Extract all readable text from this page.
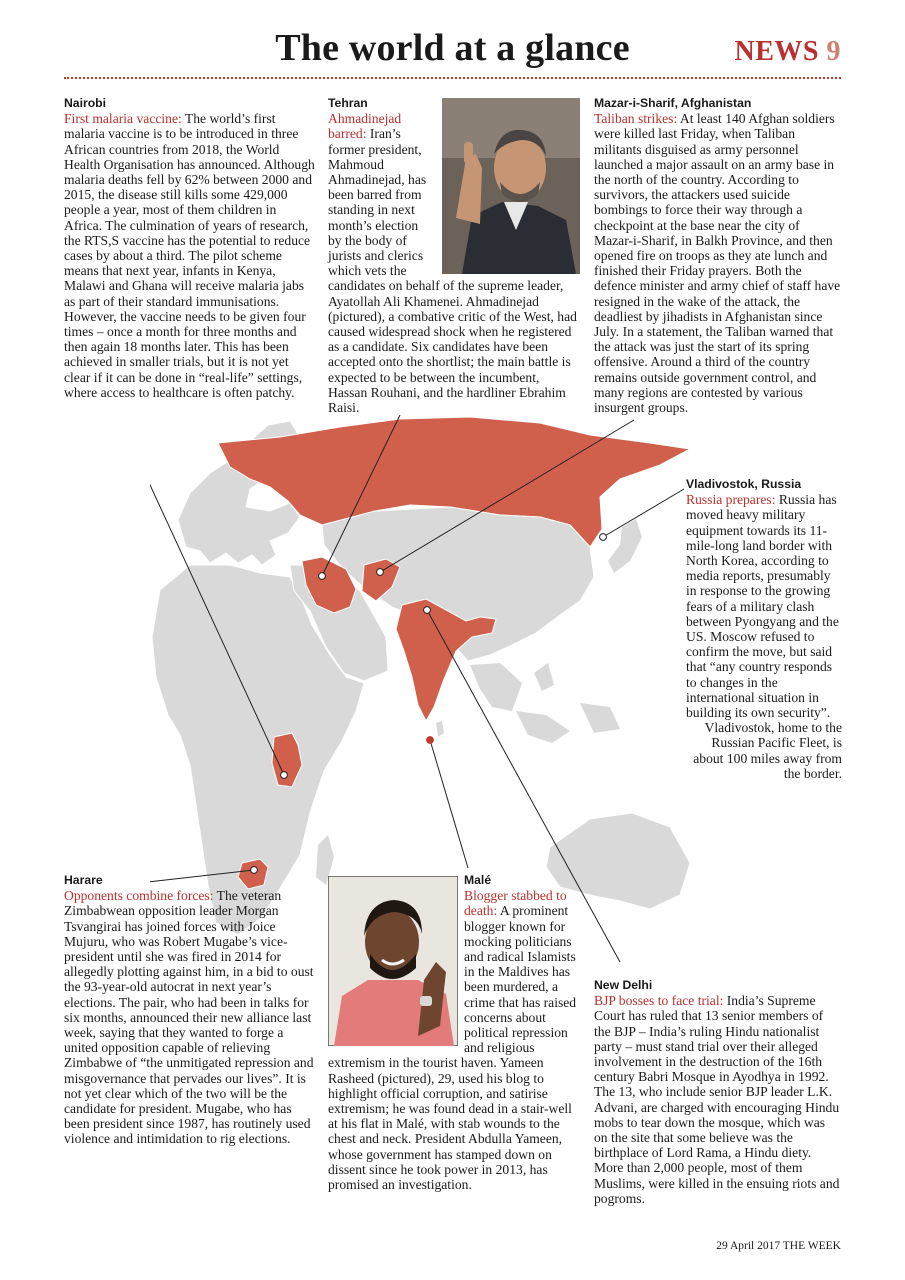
The world at a glance	NEWS 9
Nairobi
First malaria vaccine: The world’s first malaria vaccine is to be introduced in three African countries from 2018, the World Health Organisation has announced. Although malaria deaths fell by 62% between 2000 and 2015, the disease still kills some 429,000 people a year, most of them children in Africa. The culmination of years of research, the RTS,S vaccine has the potential to reduce cases by about a third. The pilot scheme means that next year, infants in Kenya, Malawi and Ghana will receive malaria jabs as part of their standard immunisations. However, the vaccine needs to be given four times – once a month for three months and then again 18 months later. This has been achieved in smaller trials, but it is not yet clear if it can be done in “real-life” settings, where access to healthcare is often patchy.
Tehran
Ahmadinejad barred: Iran’s former president, Mahmoud Ahmadinejad, has been barred from standing in next month’s election by the body of jurists and clerics which vets the candidates on behalf of the supreme leader, Ayatollah Ali Khamenei. Ahmadinejad (pictured), a combative critic of the West, had caused widespread shock when he registered as a candidate. Six candidates have been accepted onto the shortlist; the main battle is expected to be between the incumbent, Hassan Rouhani, and the hardliner Ebrahim Raisi.
Mazar-i-Sharif, Afghanistan
Taliban strikes: At least 140 Afghan soldiers were killed last Friday, when Taliban militants disguised as army personnel launched a major assault on an army base in the north of the country. According to survivors, the attackers used suicide bombings to force their way through a checkpoint at the base near the city of Mazar-i-Sharif, in Balkh Province, and then opened fire on troops as they ate lunch and finished their Friday prayers. Both the defence minister and army chief of staff have resigned in the wake of the attack, the deadliest by jihadists in Afghanistan since July. In a statement, the Taliban warned that the attack was just the start of its spring offensive. Around a third of the country remains outside government control, and many regions are contested by various insurgent groups.
Vladivostok, Russia
Russia prepares: Russia has moved heavy military equipment towards its 11-mile-long land border with North Korea, according to media reports, presumably in response to the growing fears of a military clash between Pyongyang and the US. Moscow refused to confirm the move, but said that “any country responds to changes in the international situation in building its own security”.
Vladivostok, home to the Russian Pacific Fleet, is about 100 miles away from the border.
Harare
Opponents combine forces: The veteran Zimbabwean opposition leader Morgan Tsvangirai has joined forces with Joice Mujuru, who was Robert Mugabe’s vice-president until she was fired in 2014 for allegedly plotting against him, in a bid to oust the 93-year-old autocrat in next year’s elections. The pair, who had been in talks for six months, announced their new alliance last week, saying that they wanted to forge a united opposition capable of relieving Zimbabwe of “the unmitigated repression and misgovernance that pervades our lives”. It is not yet clear which of the two will be the candidate for president. Mugabe, who has been president since 1987, has routinely used violence and intimidation to rig elections.
Malé
Blogger stabbed to death: A prominent blogger known for mocking politicians and radical Islamists in the Maldives has been murdered, a crime that has raised concerns about political repression and religious extremism in the tourist haven. Yameen Rasheed (pictured), 29, used his blog to highlight official corruption, and satirise extremism; he was found dead in a stair-well at his flat in Malé, with stab wounds to the chest and neck. President Abdulla Yameen, whose government has stamped down on dissent since he took power in 2013, has promised an investigation.
New Delhi
BJP bosses to face trial: India’s Supreme Court has ruled that 13 senior members of the BJP – India’s ruling Hindu nationalist party – must stand trial over their alleged involvement in the destruction of the 16th century Babri Mosque in Ayodhya in 1992. The 13, who include senior BJP leader L.K. Advani, are charged with encouraging Hindu mobs to tear down the mosque, which was on the site that some believe was the birthplace of Lord Rama, a Hindu diety. More than 2,000 people, most of them Muslims, were killed in the ensuing riots and pogroms.
29 April 2017 THE WEEK
